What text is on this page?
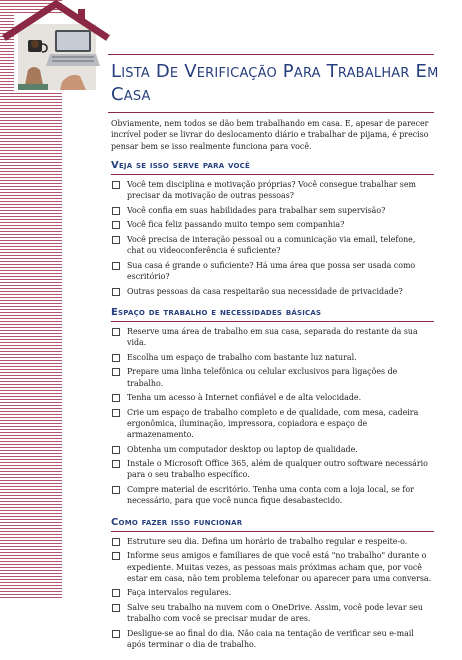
Lista De Verificação Para Trabalhar Em Casa

Obviamente, nem todos se dão bem trabalhando em casa. E, apesar de parecer incrível poder se livrar do deslocamento diário e trabalhar de pijama, é preciso pensar bem se isso realmente funciona para você.

Veja se isso serve para você
Você tem disciplina e motivação próprias? Você consegue trabalhar sem precisar da motivação de outras pessoas?
Você confia em suas habilidades para trabalhar sem supervisão?
Você fica feliz passando muito tempo sem companhia?
Você precisa de interação pessoal ou a comunicação via email, telefone, chat ou videoconferência é suficiente?
Sua casa é grande o suficiente? Há uma área que possa ser usada como escritório?
Outras pessoas da casa respeitarão sua necessidade de privacidade?
Espaço de trabalho e necessidades básicas
Reserve uma área de trabalho em sua casa, separada do restante da sua vida.
Escolha um espaço de trabalho com bastante luz natural.
Prepare uma linha telefônica ou celular exclusivos para ligações de trabalho.
Tenha um acesso à Internet confiável e de alta velocidade.
Crie um espaço de trabalho completo e de qualidade, com mesa, cadeira ergonômica, iluminação, impressora, copiadora e espaço de armazenamento.
Obtenha um computador desktop ou laptop de qualidade.
Instale o Microsoft Office 365, além de qualquer outro software necessário para o seu trabalho específico.
Compre material de escritório. Tenha uma conta com a loja local, se for necessário, para que você nunca fique desabastecido.
Como fazer isso funcionar
Estruture seu dia. Defina um horário de trabalho regular e respeite-o.
Informe seus amigos e familiares de que você está "no trabalho" durante o expediente. Muitas vezes, as pessoas mais próximas acham que, por você estar em casa, não tem problema telefonar ou aparecer para uma conversa.
Faça intervalos regulares.
Salve seu trabalho na nuvem com o OneDrive. Assim, você pode levar seu trabalho com você se precisar mudar de ares.
Desligue-se ao final do dia. Não caia na tentação de verificar seu e-mail após terminar o dia de trabalho.
